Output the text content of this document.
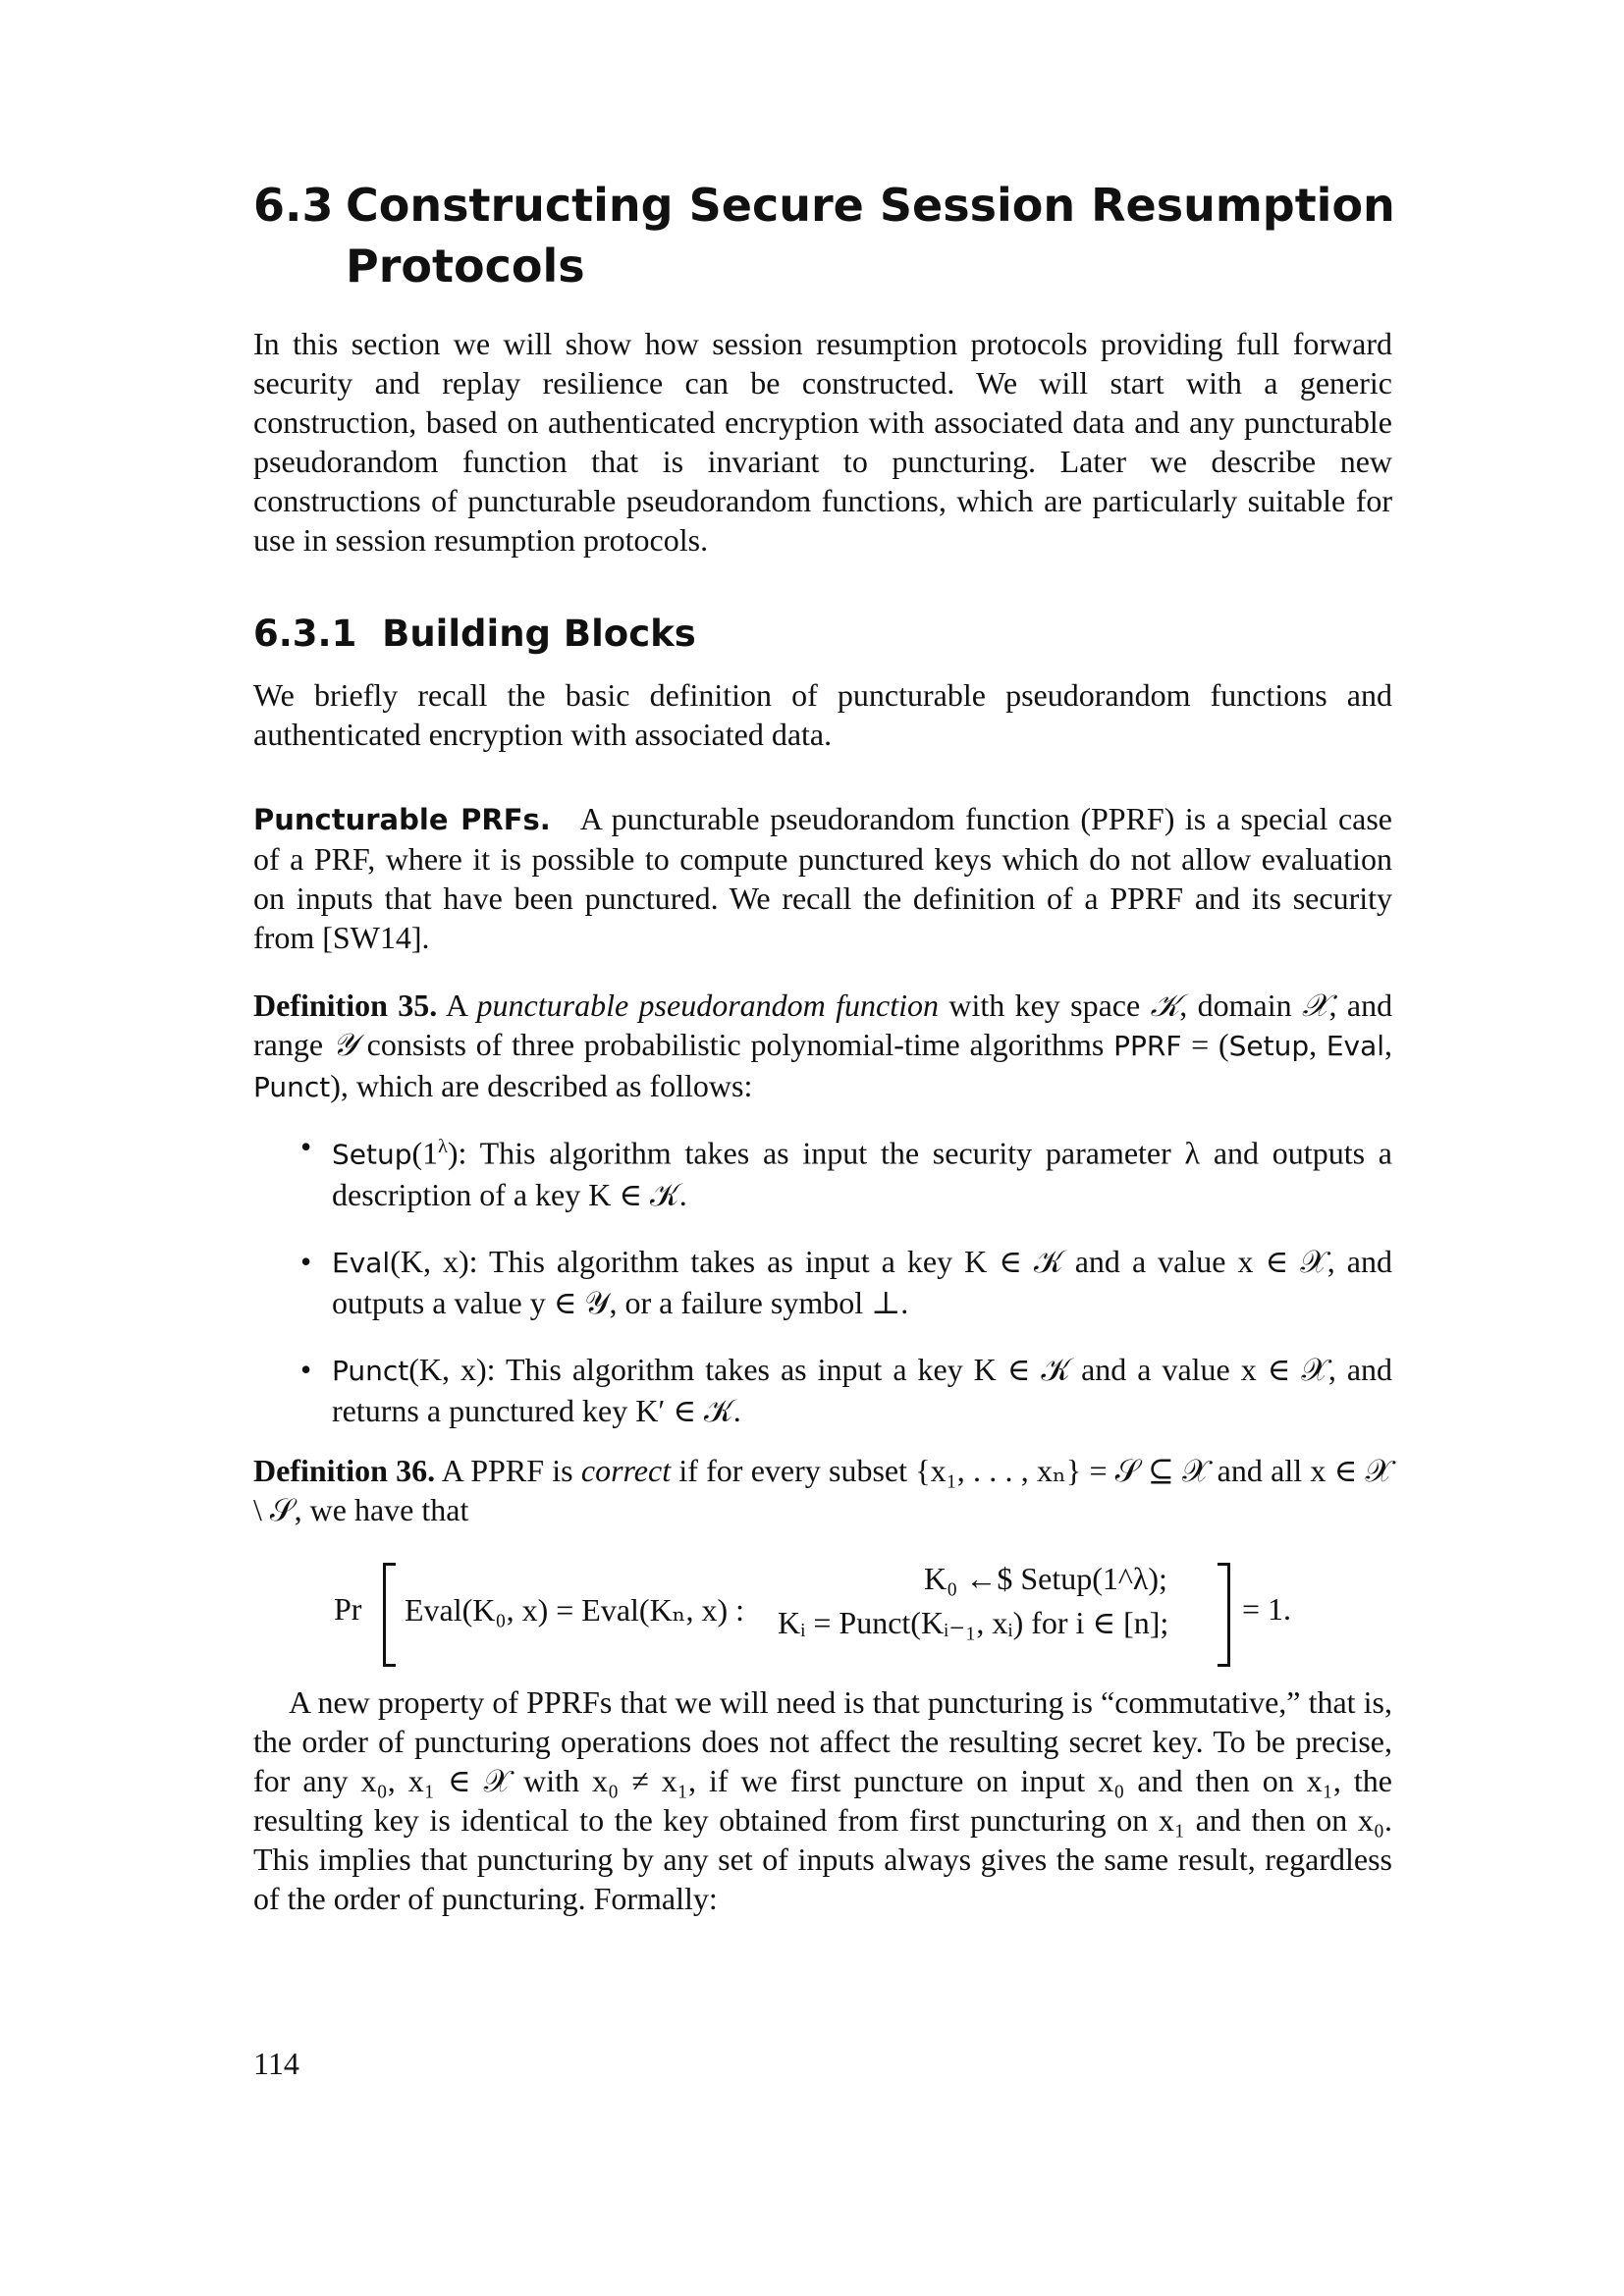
6.3 Constructing Secure Session Resumption Protocols

In this section we will show how session resumption protocols providing full forward security and replay resilience can be constructed. We will start with a generic construction, based on authenticated encryption with associated data and any puncturable pseudorandom function that is invariant to puncturing. Later we describe new constructions of puncturable pseudorandom functions, which are particularly suitable for use in session resumption protocols.

6.3.1 Building Blocks

We briefly recall the basic definition of puncturable pseudorandom functions and authenticated encryption with associated data.

Puncturable PRFs. A puncturable pseudorandom function (PPRF) is a special case of a PRF, where it is possible to compute punctured keys which do not allow evaluation on inputs that have been punctured. We recall the definition of a PPRF and its security from [SW14].

Definition 35. A puncturable pseudorandom function with key space 𝒦, domain 𝒳, and range 𝒴 consists of three probabilistic polynomial-time algorithms PPRF = (Setup, Eval, Punct), which are described as follows:

• $Setup(1^\lambda)$: This algorithm takes as input the security parameter λ and outputs a description of a key K ∈ 𝒦.
• Eval(K, x): This algorithm takes as input a key K ∈ 𝒦 and a value x ∈ 𝒳, and outputs a value y ∈ 𝒴, or a failure symbol ⊥.
• Punct(K, x): This algorithm takes as input a key K ∈ 𝒦 and a value x ∈ 𝒳, and returns a punctured key K′ ∈ 𝒦.

Definition 36. A PPRF is correct if for every subset {x₁, . . . , xₙ} = 𝒮 ⊆ 𝒳 and all x ∈ 𝒳 \ 𝒮, we have that

Pr Eval(K₀, x) = Eval(Kₙ, x) :
K₀ ←$ Setup(1^λ);
Kᵢ = Punct(Kᵢ₋₁, xᵢ) for i ∈ [n]; = 1.

A new property of PPRFs that we will need is that puncturing is “commutative,” that is, the order of puncturing operations does not affect the resulting secret key. To be precise, for any x₀, x₁ ∈ 𝒳 with x₀ ≠ x₁, if we first puncture on input x₀ and then on x₁, the resulting key is identical to the key obtained from first puncturing on x₁ and then on x₀. This implies that puncturing by any set of inputs always gives the same result, regardless of the order of puncturing. Formally:

114
